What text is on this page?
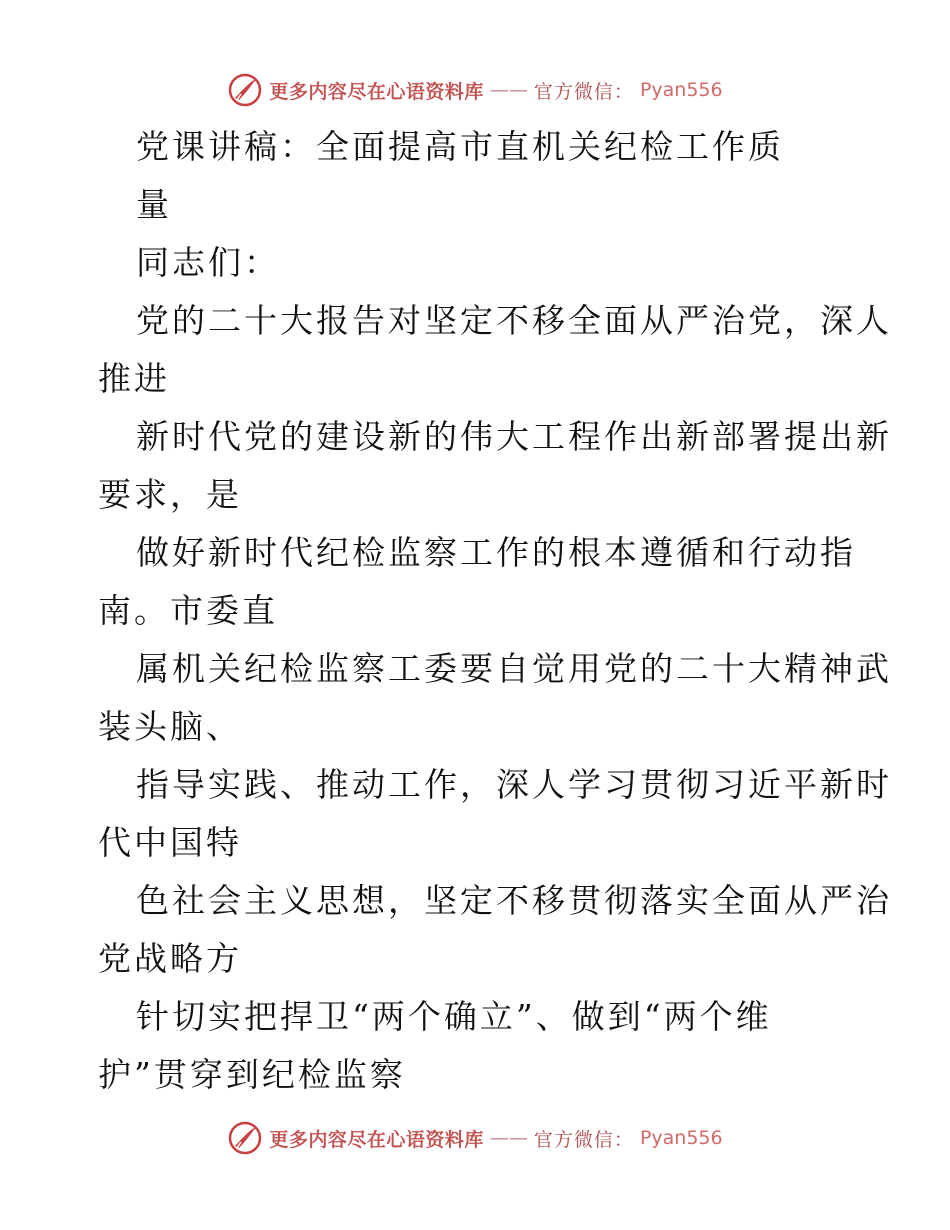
更多内容尽在心语资料库 —— 官方微信： Pyan556
党课讲稿：全面提高市直机关纪检工作质
量
同志们：
党的二十大报告对坚定不移全面从严治党，深人
推进
新时代党的建设新的伟大工程作出新部署提出新
要求，是
做好新时代纪检监察工作的根本遵循和行动指
南。市委直
属机关纪检监察工委要自觉用党的二十大精神武
装头脑、
指导实践、推动工作，深人学习贯彻习近平新时
代中国特
色社会主义思想，坚定不移贯彻落实全面从严治
党战略方
针切实把捍卫“两个确立”、做到“两个维
护”贯穿到纪检监察
更多内容尽在心语资料库 —— 官方微信： Pyan556
